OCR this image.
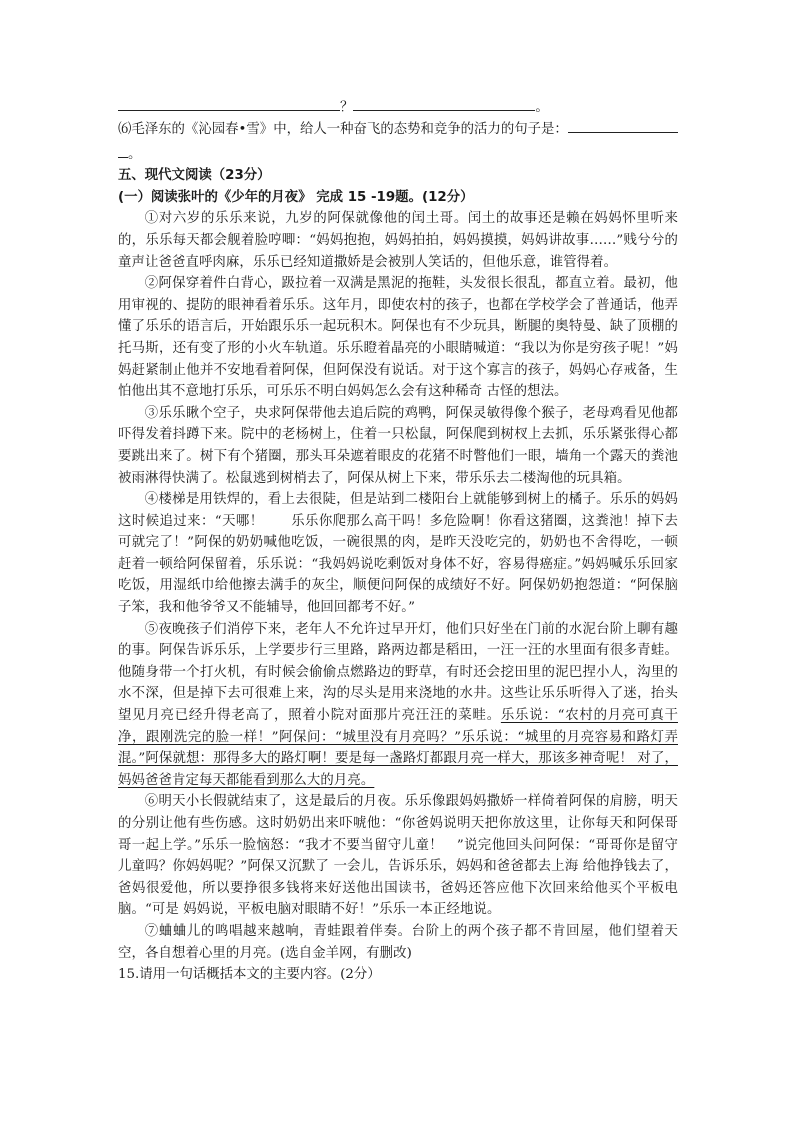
？	。

⑹毛泽东的《沁园春•雪》中，给人一种奋飞的态势和竞争的活力的句子是：
。

五、现代文阅读（23分）

(一）阅读张叶的《少年的月夜》 完成 15 -19题。(12分）

①对六岁的乐乐来说，九岁的阿保就像他的闰土哥。闰土的故事还是赖在妈妈怀里听来的，乐乐每天都会舰着脸哼唧：“妈妈抱抱，妈妈拍拍，妈妈摸摸，妈妈讲故事……”贱兮兮的童声让爸爸直呼肉麻，乐乐已经知道撒娇是会被别人笑话的，但他乐意，谁管得着。

②阿保穿着件白背心，趿拉着一双满是黑泥的拖鞋，头发很长很乱，都直立着。最初，他用审视的、提防的眼神看着乐乐。这年月，即使农村的孩子，也都在学校学会了普通话，他弄懂了乐乐的语言后，开始跟乐乐一起玩积木。阿保也有不少玩具，断腿的奥特曼、缺了顶棚的托马斯，还有变了形的小火车轨道。乐乐瞪着晶亮的小眼睛喊道：“我以为你是穷孩子呢！”妈妈赶紧制止他并不安地看着阿保，但阿保没有说话。对于这个寡言的孩子，妈妈心存戒备，生怕他出其不意地打乐乐，可乐乐不明白妈妈怎么会有这种稀奇 古怪的想法。

③乐乐瞅个空子，央求阿保带他去追后院的鸡鸭，阿保灵敏得像个猴子，老母鸡看见他都吓得发着抖蹲下来。院中的老杨树上，住着一只松鼠，阿保爬到树杈上去抓，乐乐紧张得心都要跳出来了。树下有个猪圈，那头耳朵遮着眼皮的花猪不时瞥他们一眼，墙角一个露天的粪池被雨淋得快满了。松鼠逃到树梢去了，阿保从树上下来，带乐乐去二楼淘他的玩具箱。

④楼梯是用铁焊的，看上去很陡，但是站到二楼阳台上就能够到树上的橘子。乐乐的妈妈这时候追过来：“天哪！　　乐乐你爬那么高干吗！多危险啊！你看这猪圈，这粪池！掉下去可就完了！”阿保的奶奶喊他吃饭，一碗很黑的肉，是昨天没吃完的，奶奶也不舍得吃，一顿赶着一顿给阿保留着，乐乐说：“我妈妈说吃剩饭对身体不好，容易得癌症。”妈妈喊乐乐回家吃饭，用湿纸巾给他擦去满手的灰尘，顺便问阿保的成绩好不好。阿保奶奶抱怨道：“阿保脑子笨，我和他爷爷又不能辅导，他回回都考不好。”

⑤夜晚孩子们消停下来，老年人不允许过早开灯，他们只好坐在门前的水泥台阶上聊有趣的事。阿保告诉乐乐，上学要步行三里路，路两边都是稻田，一汪一汪的水里面有很多青蛙。他随身带一个打火机，有时候会偷偷点燃路边的野草，有时还会挖田里的泥巴捏小人，沟里的水不深，但是掉下去可很难上来，沟的尽头是用来浇地的水井。这些让乐乐听得入了迷，抬头望见月亮已经升得老高了，照着小院对面那片亮汪汪的菜畦。乐乐说：“农村的月亮可真干净，跟刚洗完的脸一样！”阿保问：“城里没有月亮吗？”乐乐说：“城里的月亮容易和路灯弄混。”阿保就想：那得多大的路灯啊！要是每一盏路灯都跟月亮一样大，那该多神奇呢！ 对了，妈妈爸爸肯定每天都能看到那么大的月亮。

⑥明天小长假就结束了，这是最后的月夜。乐乐像跟妈妈撒娇一样倚着阿保的肩膀，明天的分别让他有些伤感。这时奶奶出来吓唬他：“你爸妈说明天把你放这里，让你每天和阿保哥哥一起上学。”乐乐一脸恼怒：“我才不要当留守儿童！　”说完他回头问阿保：“哥哥你是留守儿童吗？你妈妈呢？”阿保又沉默了 一会儿，告诉乐乐，妈妈和爸爸都去上海 给他挣钱去了，爸妈很爱他，所以要挣很多钱将来好送他出国读书，爸妈还答应他下次回来给他买个平板电脑。“可是 妈妈说，平板电脑对眼睛不好！”乐乐一本正经地说。

⑦蛐蛐儿的鸣唱越来越响，青蛙跟着伴奏。台阶上的两个孩子都不肯回屋，他们望着天空，各自想着心里的月亮。(选自金羊网，有删改)

15.请用一句话概括本文的主要内容。(2分）
